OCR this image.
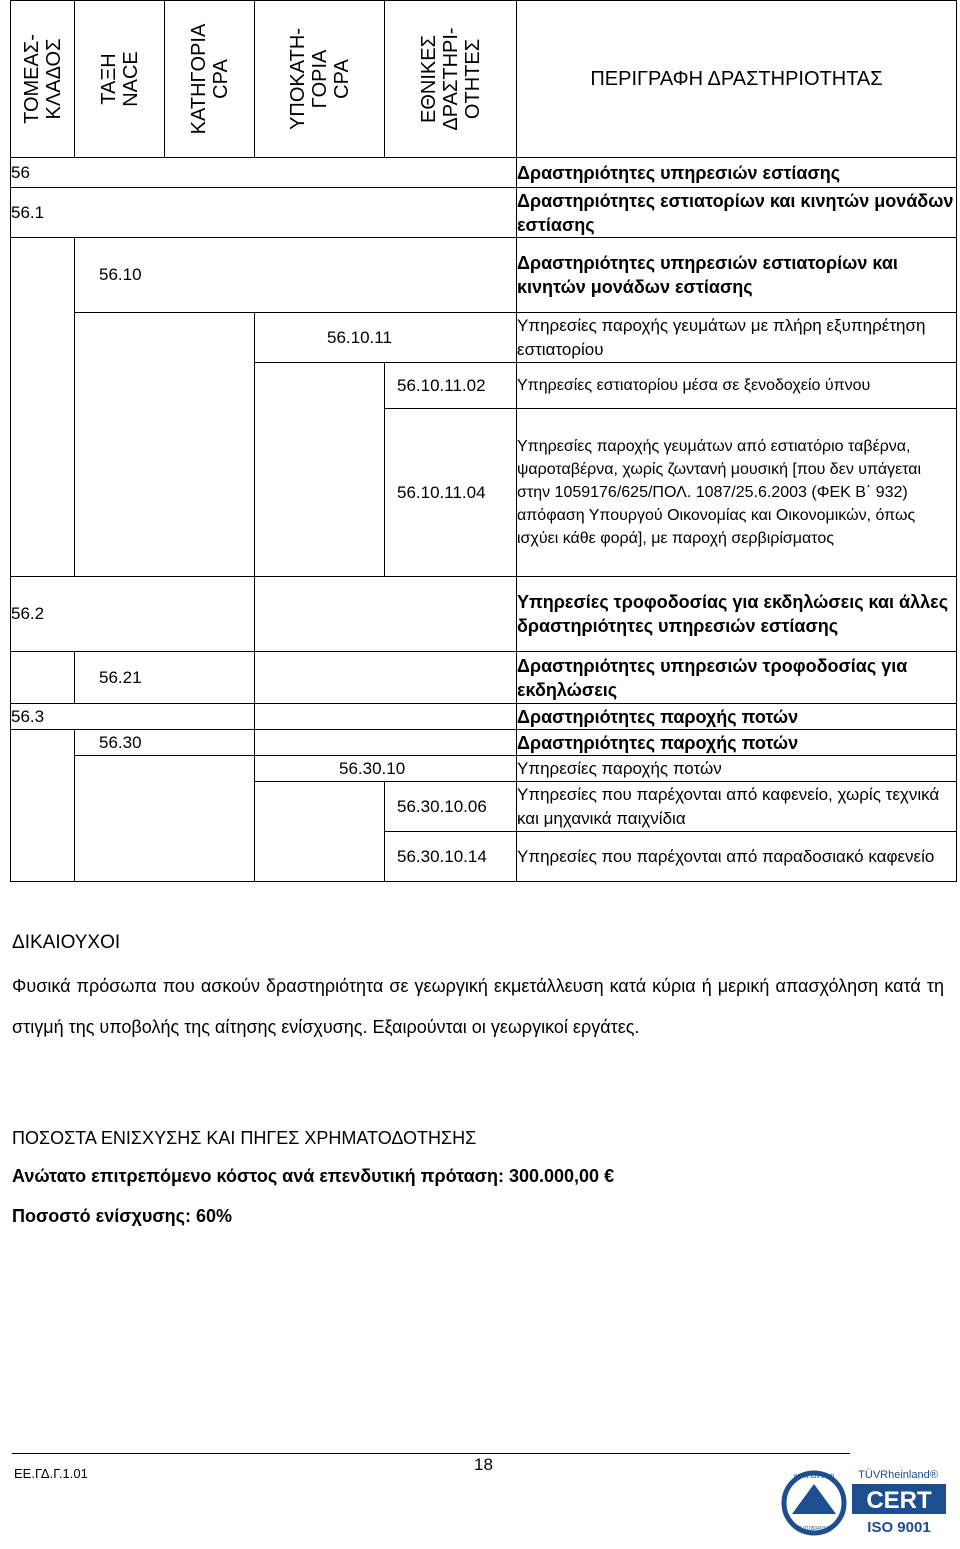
ΤΟΜΕΑΣ- ΚΛΑΔΟΣ	ΤΑΞΗ NACE	ΚΑΤΗΓΟΡΙΑ CPA	ΥΠΟΚΑΤΗ- ΓΟΡΙΑ CPA	ΕΘΝΙΚΕΣ ΔΡΑΣΤΗΡΙ- ΟΤΗΤΕΣ	ΠΕΡΙΓΡΑΦΗ ΔΡΑΣΤΗΡΙΟΤΗΤΑΣ
56					Δραστηριότητες υπηρεσιών εστίασης
56.1					Δραστηριότητες εστιατορίων και κινητών μονάδων εστίασης
	56.10				Δραστηριότητες υπηρεσιών εστιατορίων και κινητών μονάδων εστίασης
			56.10.11		Υπηρεσίες παροχής γευμάτων με πλήρη εξυπηρέτηση εστιατορίου
				56.10.11.02	Υπηρεσίες εστιατορίου μέσα σε ξενοδοχείο ύπνου
				56.10.11.04	Υπηρεσίες παροχής γευμάτων από εστιατόριο ταβέρνα, ψαροταβέρνα, χωρίς ζωντανή μουσική [που δεν υπάγεται στην 1059176/625/ΠΟΛ. 1087/25.6.2003 (ΦΕΚ Β΄ 932) απόφαση Υπουργού Οικονομίας και Οικονομικών, όπως ισχύει κάθε φορά], με παροχή σερβιρίσματος
56.2					Υπηρεσίες τροφοδοσίας για εκδηλώσεις και άλλες δραστηριότητες υπηρεσιών εστίασης
	56.21				Δραστηριότητες υπηρεσιών τροφοδοσίας για εκδηλώσεις
56.3					Δραστηριότητες παροχής ποτών
	56.30				Δραστηριότητες παροχής ποτών
			56.30.10		Υπηρεσίες παροχής ποτών
				56.30.10.06	Υπηρεσίες που παρέχονται από καφενείο, χωρίς τεχνικά και μηχανικά παιχνίδια
				56.30.10.14	Υπηρεσίες που παρέχονται από παραδοσιακό καφενείο
ΔΙΚΑΙΟΥΧΟΙ
Φυσικά πρόσωπα που ασκούν δραστηριότητα σε γεωργική εκμετάλλευση κατά κύρια ή μερική απασχόληση κατά τη στιγμή της υποβολής της αίτησης ενίσχυσης. Εξαιρούνται οι γεωργικοί εργάτες.
ΠΟΣΟΣΤΑ ΕΝΙΣΧΥΣΗΣ ΚΑΙ ΠΗΓΕΣ ΧΡΗΜΑΤΟΔΟΤΗΣΗΣ
Ανώτατο επιτρεπόμενο κόστος ανά επενδυτική πρόταση: 300.000,00 €
Ποσοστό ενίσχυσης: 60%
ΕΕ.ΓΔ.Γ.1.01	18
www.tuv.com
ID 9105049340
TÜVRheinland®
CERT
ISO 9001
